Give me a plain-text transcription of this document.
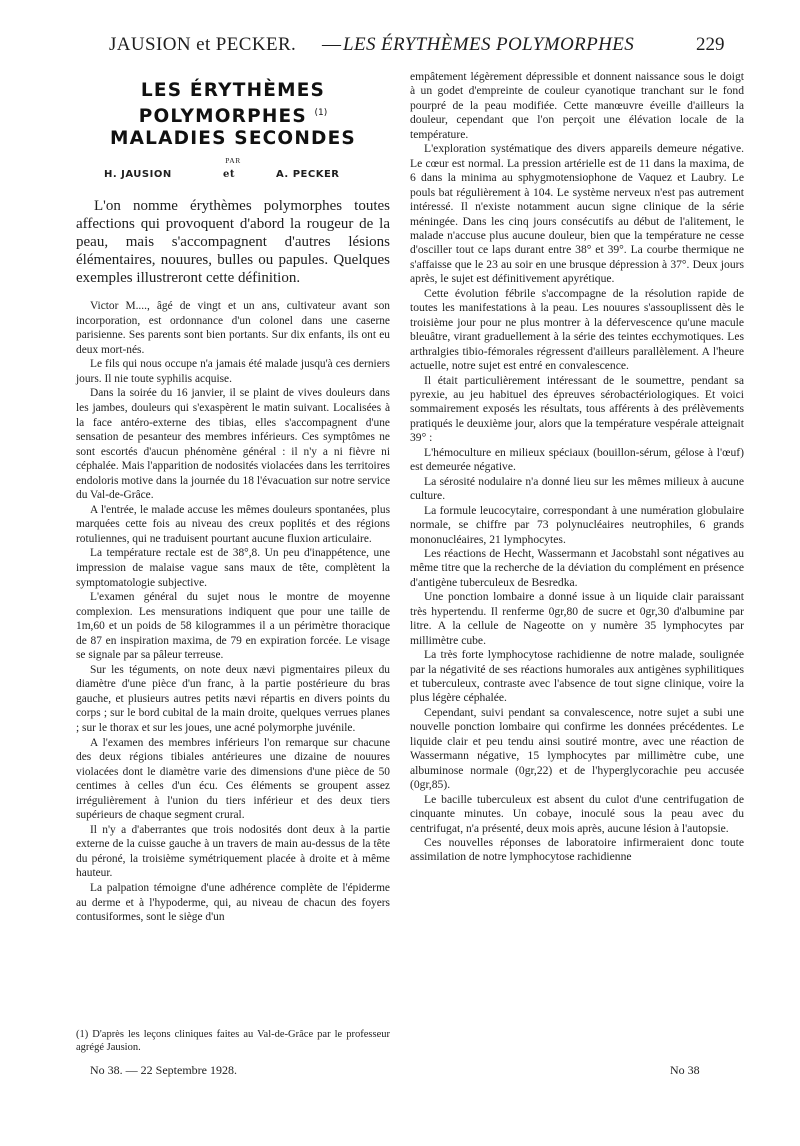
JAUSION et PECKER. — LES ÉRYTHÈMES POLYMORPHES	229
LES ÉRYTHÈMES
POLYMORPHES $^{(1)}$
MALADIES SECONDES
PAR
H. JAUSION	et	A. PECKER

L'on nomme érythèmes polymorphes toutes affections qui provoquent d'abord la rougeur de la peau, mais s'accompagnent d'autres lésions élémentaires, nouures, bulles ou papules. Quelques exemples illustreront cette définition.

Victor M...., âgé de vingt et un ans, cultivateur avant son incorporation, est ordonnance d'un colonel dans une caserne parisienne. Ses parents sont bien portants. Sur dix enfants, ils ont eu deux mort-nés.

Le fils qui nous occupe n'a jamais été malade jusqu'à ces derniers jours. Il nie toute syphilis acquise.

Dans la soirée du 16 janvier, il se plaint de vives douleurs dans les jambes, douleurs qui s'exaspèrent le matin suivant. Localisées à la face antéro-externe des tibias, elles s'accompagnent d'une sensation de pesanteur des membres inférieurs. Ces symptômes ne sont escortés d'aucun phénomène général : il n'y a ni fièvre ni céphalée. Mais l'apparition de nodosités violacées dans les territoires endoloris motive dans la journée du 18 l'évacuation sur notre service du Val-de-Grâce.

A l'entrée, le malade accuse les mêmes douleurs spontanées, plus marquées cette fois au niveau des creux poplités et des régions rotuliennes, qui ne traduisent pourtant aucune fluxion articulaire.

La température rectale est de 38°,8. Un peu d'inappétence, une impression de malaise vague sans maux de tête, complètent la symptomatologie subjective.

L'examen général du sujet nous le montre de moyenne complexion. Les mensurations indiquent que pour une taille de 1m,60 et un poids de 58 kilogrammes il a un périmètre thoracique de 87 en inspiration maxima, de 79 en expiration forcée. Le visage se signale par sa pâleur terreuse.

Sur les téguments, on note deux nævi pigmentaires pileux du diamètre d'une pièce d'un franc, à la partie postérieure du bras gauche, et plusieurs autres petits nævi répartis en divers points du corps ; sur le bord cubital de la main droite, quelques verrues planes ; sur le thorax et sur les joues, une acné polymorphe juvénile.

A l'examen des membres inférieurs l'on remarque sur chacune des deux régions tibiales antérieures une dizaine de nouures violacées dont le diamètre varie des dimensions d'une pièce de 50 centimes à celles d'un écu. Ces éléments se groupent assez irrégulièrement à l'union du tiers inférieur et des deux tiers supérieurs de chaque segment crural.

Il n'y a d'aberrantes que trois nodosités dont deux à la partie externe de la cuisse gauche à un travers de main au-dessus de la tête du péroné, la troisième symétriquement placée à droite et à même hauteur.

La palpation témoigne d'une adhérence complète de l'épiderme au derme et à l'hypoderme, qui, au niveau de chacun des foyers contusiformes, sont le siège d'un

empâtement légèrement dépressible et donnent naissance sous le doigt à un godet d'empreinte de couleur cyanotique tranchant sur le fond pourpré de la peau modifiée. Cette manœuvre éveille d'ailleurs la douleur, cependant que l'on perçoit une élévation locale de la température.

L'exploration systématique des divers appareils demeure négative. Le cœur est normal. La pression artérielle est de 11 dans la maxima, de 6 dans la minima au sphygmotensiophone de Vaquez et Laubry. Le pouls bat régulièrement à 104. Le système nerveux n'est pas autrement intéressé. Il n'existe notamment aucun signe clinique de la série méningée. Dans les cinq jours consécutifs au début de l'alitement, le malade n'accuse plus aucune douleur, bien que la température ne cesse d'osciller tout ce laps durant entre 38° et 39°. La courbe thermique ne s'affaisse que le 23 au soir en une brusque dépression à 37°. Deux jours après, le sujet est définitivement apyrétique.

Cette évolution fébrile s'accompagne de la résolution rapide de toutes les manifestations à la peau. Les nouures s'assouplissent dès le troisième jour pour ne plus montrer à la défervescence qu'une macule bleuâtre, virant graduellement à la série des teintes ecchymotiques. Les arthralgies tibio-fémorales régressent d'ailleurs parallèlement. A l'heure actuelle, notre sujet est entré en convalescence.

Il était particulièrement intéressant de le soumettre, pendant sa pyrexie, au jeu habituel des épreuves sérobactériologiques. Et voici sommairement exposés les résultats, tous afférents à des prélèvements pratiqués le deuxième jour, alors que la température vespérale atteignait 39° :

L'hémoculture en milieux spéciaux (bouillon-sérum, gélose à l'œuf) est demeurée négative.

La sérosité nodulaire n'a donné lieu sur les mêmes milieux à aucune culture.

La formule leucocytaire, correspondant à une numération globulaire normale, se chiffre par 73 polynucléaires neutrophiles, 6 grands mononucléaires, 21 lymphocytes.

Les réactions de Hecht, Wassermann et Jacobstahl sont négatives au même titre que la recherche de la déviation du complément en présence d'antigène tuberculeux de Besredka.

Une ponction lombaire a donné issue à un liquide clair paraissant très hypertendu. Il renferme 0gr,80 de sucre et 0gr,30 d'albumine par litre. A la cellule de Nageotte on y numère 35 lymphocytes par millimètre cube.

La très forte lymphocytose rachidienne de notre malade, soulignée par la négativité de ses réactions humorales aux antigènes syphilitiques et tuberculeux, contraste avec l'absence de tout signe clinique, voire la plus légère céphalée.

Cependant, suivi pendant sa convalescence, notre sujet a subi une nouvelle ponction lombaire qui confirme les données précédentes. Le liquide clair et peu tendu ainsi soutiré montre, avec une réaction de Wassermann négative, 15 lymphocytes par millimètre cube, une albuminose normale (0gr,22) et de l'hyperglycorachie peu accusée (0gr,85).

Le bacille tuberculeux est absent du culot d'une centrifugation de cinquante minutes. Un cobaye, inoculé sous la peau avec du centrifugat, n'a présenté, deux mois après, aucune lésion à l'autopsie.

Ces nouvelles réponses de laboratoire infirmeraient donc toute assimilation de notre lymphocytose rachidienne

(1) D'après les leçons cliniques faites au Val-de-Grâce par le professeur agrégé Jausion.
No 38. — 22 Septembre 1928.	No 38
